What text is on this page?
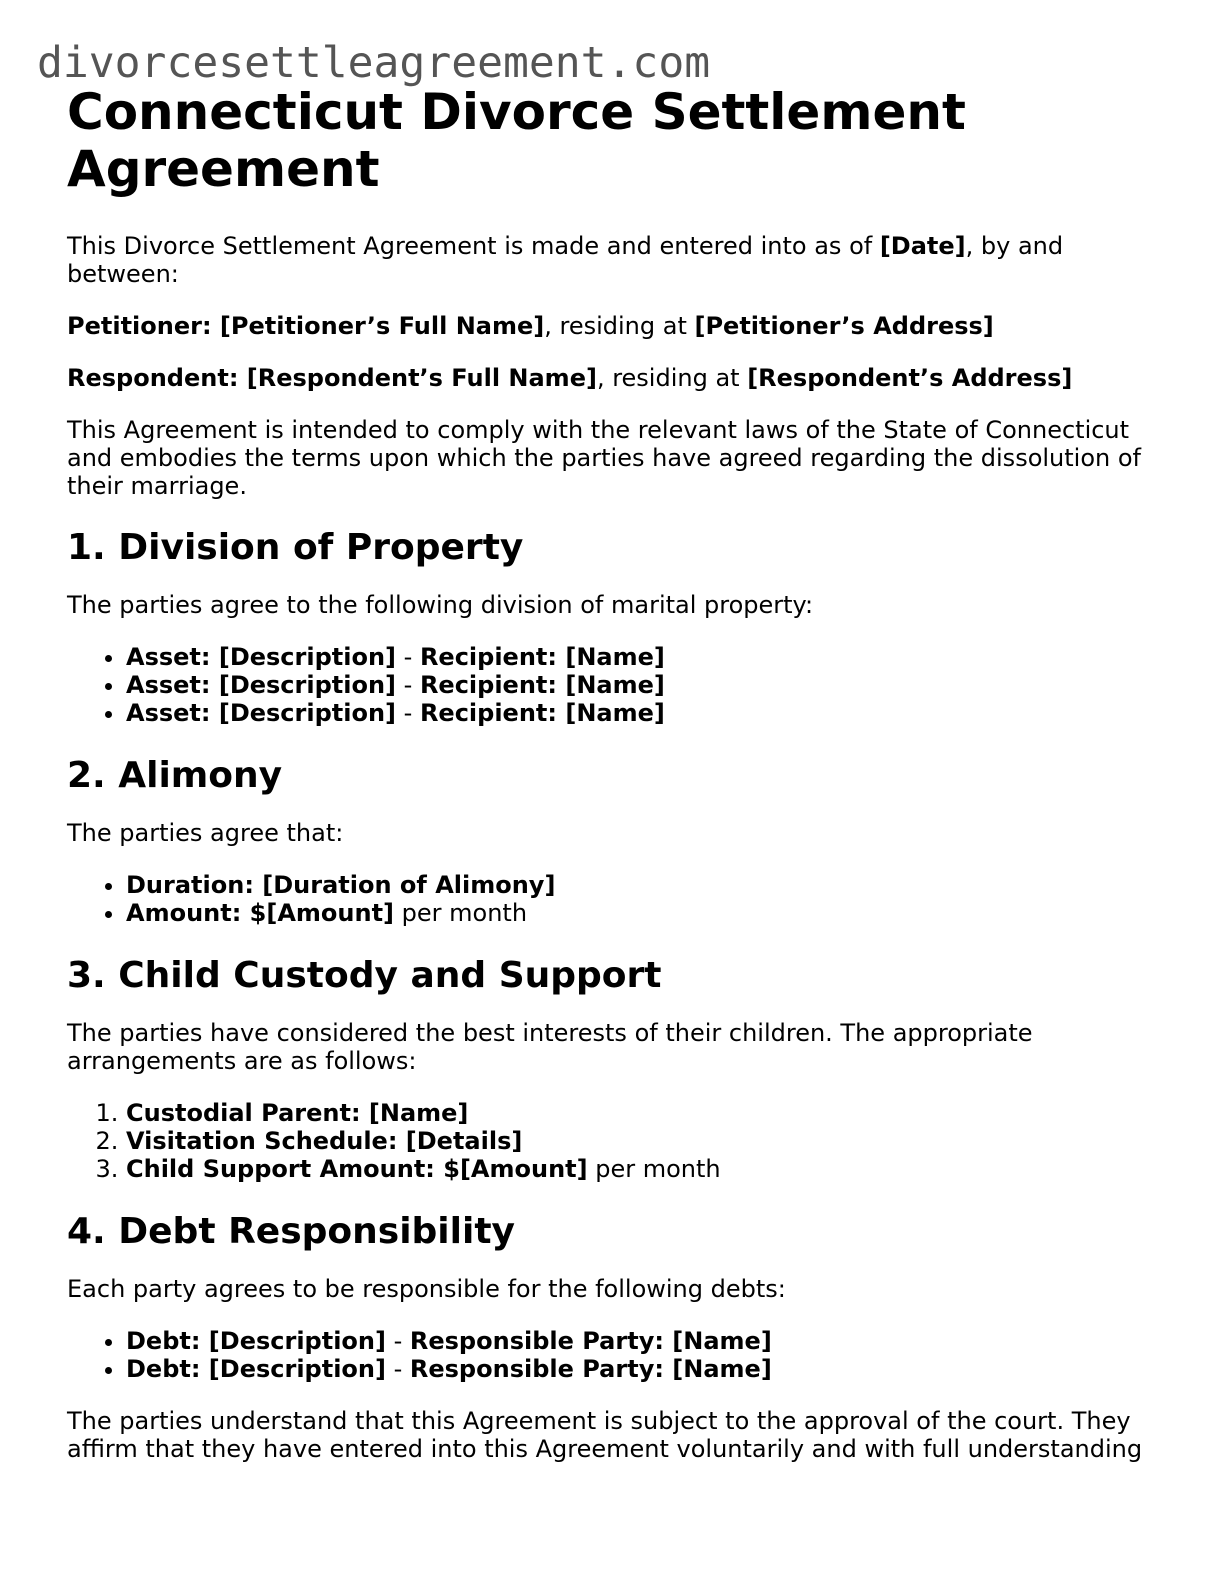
divorcesettleagreement.com
Connecticut Divorce Settlement Agreement

This Divorce Settlement Agreement is made and entered into as of [Date], by and between:

Petitioner: [Petitioner’s Full Name], residing at [Petitioner’s Address]

Respondent: [Respondent’s Full Name], residing at [Respondent’s Address]

This Agreement is intended to comply with the relevant laws of the State of Connecticut and embodies the terms upon which the parties have agreed regarding the dissolution of their marriage.

1. Division of Property

The parties agree to the following division of marital property:

• Asset: [Description] - Recipient: [Name]
• Asset: [Description] - Recipient: [Name]
• Asset: [Description] - Recipient: [Name]
2. Alimony

The parties agree that:

• Duration: [Duration of Alimony]
• Amount: $[Amount] per month
3. Child Custody and Support

The parties have considered the best interests of their children. The appropriate arrangements are as follows:

1. Custodial Parent: [Name]
2. Visitation Schedule: [Details]
3. Child Support Amount: $[Amount] per month
4. Debt Responsibility

Each party agrees to be responsible for the following debts:

• Debt: [Description] - Responsible Party: [Name]
• Debt: [Description] - Responsible Party: [Name]

The parties understand that this Agreement is subject to the approval of the court. They affirm that they have entered into this Agreement voluntarily and with full understanding
